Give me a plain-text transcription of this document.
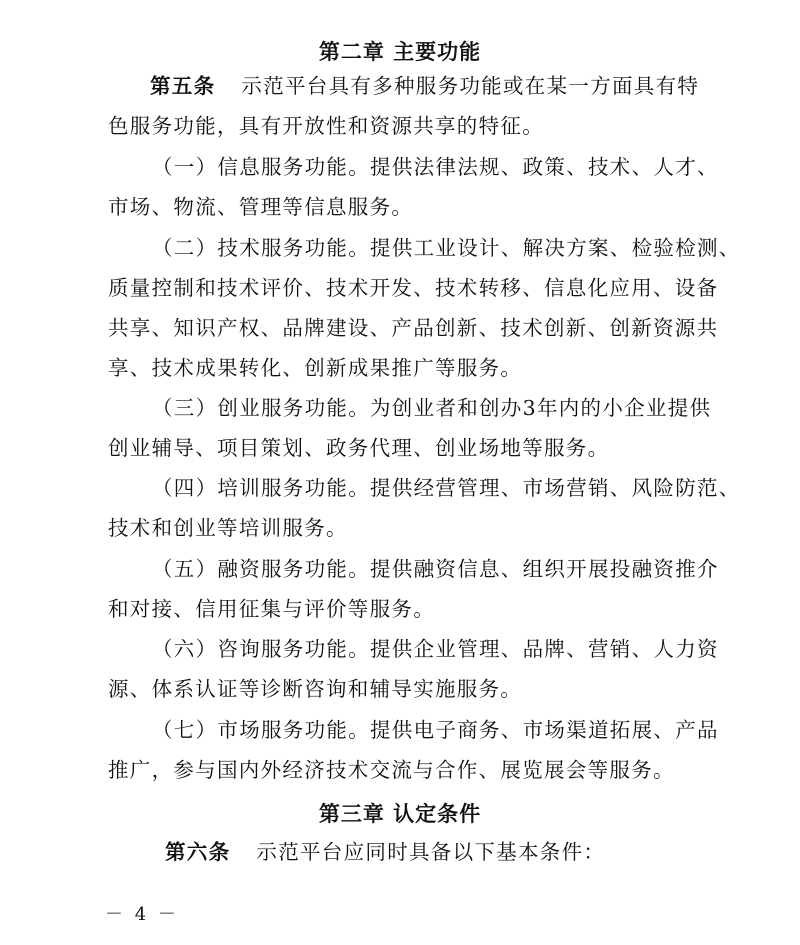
第二章 主要功能
第五条 示范平台具有多种服务功能或在某一方面具有特
色服务功能，具有开放性和资源共享的特征。
（一）信息服务功能。提供法律法规、政策、技术、人才、
市场、物流、管理等信息服务。
（二）技术服务功能。提供工业设计、解决方案、检验检测、
质量控制和技术评价、技术开发、技术转移、信息化应用、设备
共享、知识产权、品牌建设、产品创新、技术创新、创新资源共
享、技术成果转化、创新成果推广等服务。
（三）创业服务功能。为创业者和创办3年内的小企业提供
创业辅导、项目策划、政务代理、创业场地等服务。
（四）培训服务功能。提供经营管理、市场营销、风险防范、
技术和创业等培训服务。
（五）融资服务功能。提供融资信息、组织开展投融资推介
和对接、信用征集与评价等服务。
（六）咨询服务功能。提供企业管理、品牌、营销、人力资
源、体系认证等诊断咨询和辅导实施服务。
（七）市场服务功能。提供电子商务、市场渠道拓展、产品
推广，参与国内外经济技术交流与合作、展览展会等服务。
第三章 认定条件
第六条 示范平台应同时具备以下基本条件：
－ 4 －
